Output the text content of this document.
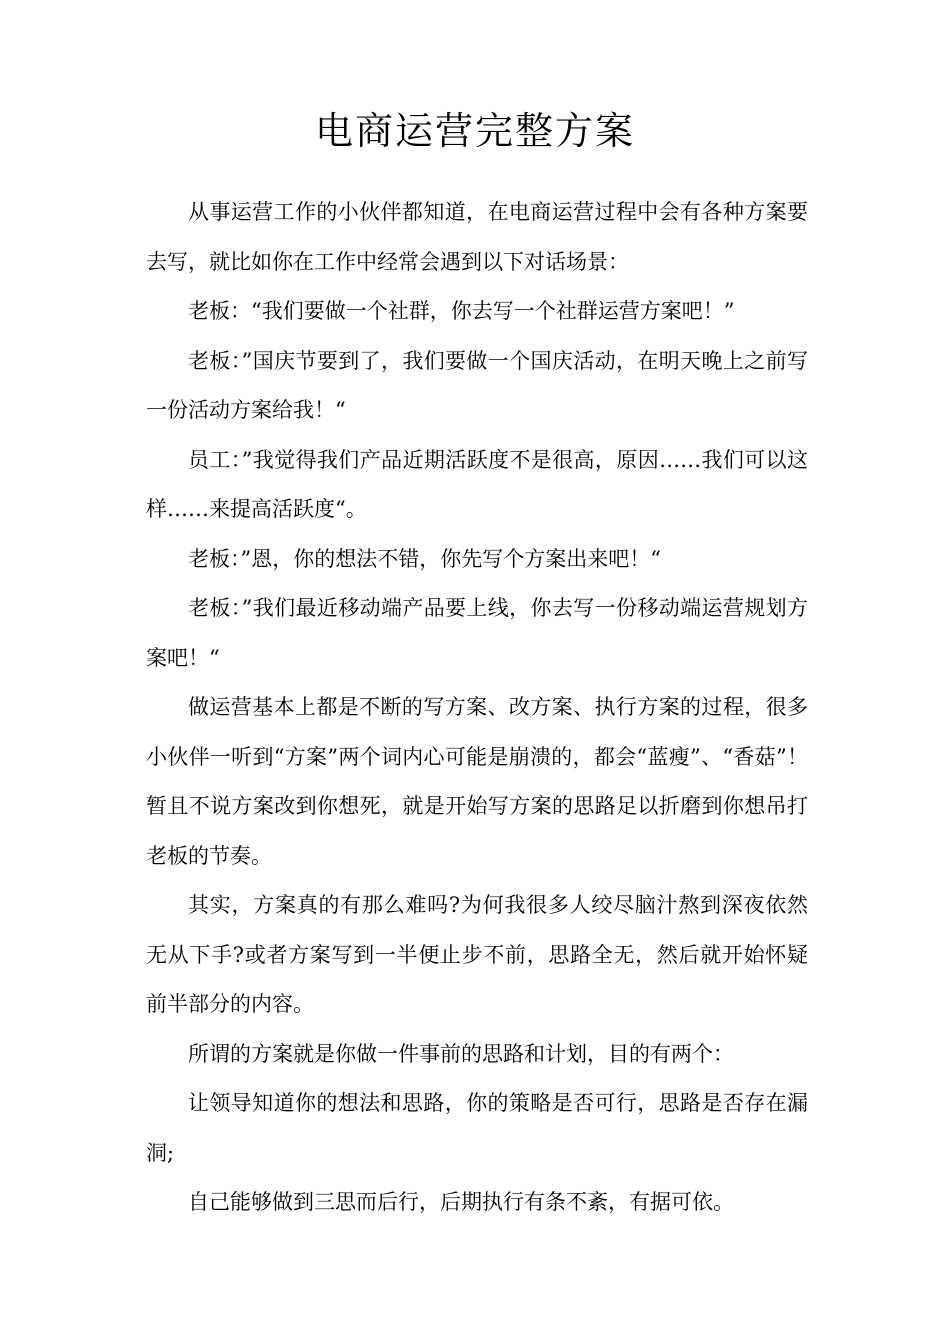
电商运营完整方案

从事运营工作的小伙伴都知道，在电商运营过程中会有各种方案要去写，就比如你在工作中经常会遇到以下对话场景：

老板：“我们要做一个社群，你去写一个社群运营方案吧！”

老板：”国庆节要到了，我们要做一个国庆活动，在明天晚上之前写一份活动方案给我！“

员工：”我觉得我们产品近期活跃度不是很高，原因……我们可以这样……来提高活跃度“。

老板：”恩，你的想法不错，你先写个方案出来吧！“

老板：”我们最近移动端产品要上线，你去写一份移动端运营规划方案吧！“

做运营基本上都是不断的写方案、改方案、执行方案的过程，很多小伙伴一听到“方案”两个词内心可能是崩溃的，都会“蓝瘦”、“香菇”！暂且不说方案改到你想死，就是开始写方案的思路足以折磨到你想吊打老板的节奏。

其实，方案真的有那么难吗?为何我很多人绞尽脑汁熬到深夜依然无从下手?或者方案写到一半便止步不前，思路全无，然后就开始怀疑前半部分的内容。

所谓的方案就是你做一件事前的思路和计划，目的有两个：

让领导知道你的想法和思路，你的策略是否可行，思路是否存在漏洞;

自己能够做到三思而后行，后期执行有条不紊，有据可依。
